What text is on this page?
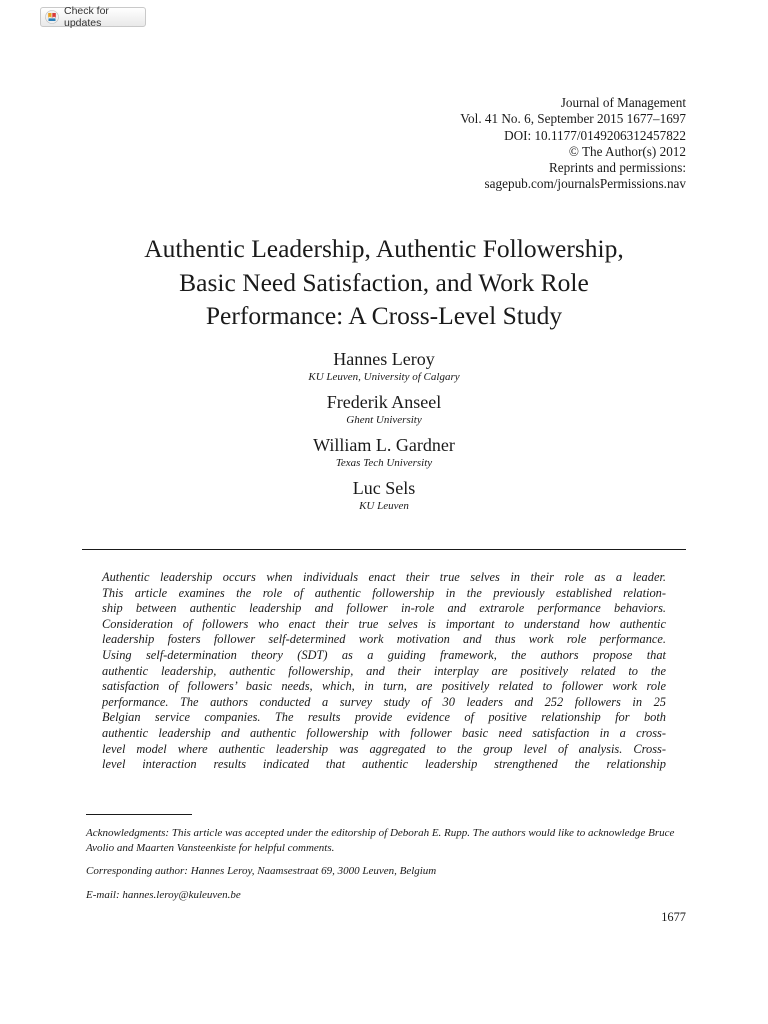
Check for updates
Journal of Management
Vol. 41 No. 6, September 2015 1677–1697
DOI: 10.1177/0149206312457822
© The Author(s) 2012
Reprints and permissions:
sagepub.com/journalsPermissions.nav
Authentic Leadership, Authentic Followership,
Basic Need Satisfaction, and Work Role
Performance: A Cross-Level Study
Hannes Leroy
KU Leuven, University of Calgary
Frederik Anseel
Ghent University
William L. Gardner
Texas Tech University
Luc Sels
KU Leuven
Authentic leadership occurs when individuals enact their true selves in their role as a leader.
This article examines the role of authentic followership in the previously established relation-
ship between authentic leadership and follower in-role and extrarole performance behaviors.
Consideration of followers who enact their true selves is important to understand how authentic
leadership fosters follower self-determined work motivation and thus work role performance.
Using self-determination theory (SDT) as a guiding framework, the authors propose that
authentic leadership, authentic followership, and their interplay are positively related to the
satisfaction of followers’ basic needs, which, in turn, are positively related to follower work role
performance. The authors conducted a survey study of 30 leaders and 252 followers in 25
Belgian service companies. The results provide evidence of positive relationship for both
authentic leadership and authentic followership with follower basic need satisfaction in a cross-
level model where authentic leadership was aggregated to the group level of analysis. Cross-
level interaction results indicated that authentic leadership strengthened the relationship
Acknowledgments: This article was accepted under the editorship of Deborah E. Rupp. The authors would like to acknowledge Bruce Avolio and Maarten Vansteenkiste for helpful comments.
Corresponding author: Hannes Leroy, Naamsestraat 69, 3000 Leuven, Belgium
E-mail: hannes.leroy@kuleuven.be
1677
